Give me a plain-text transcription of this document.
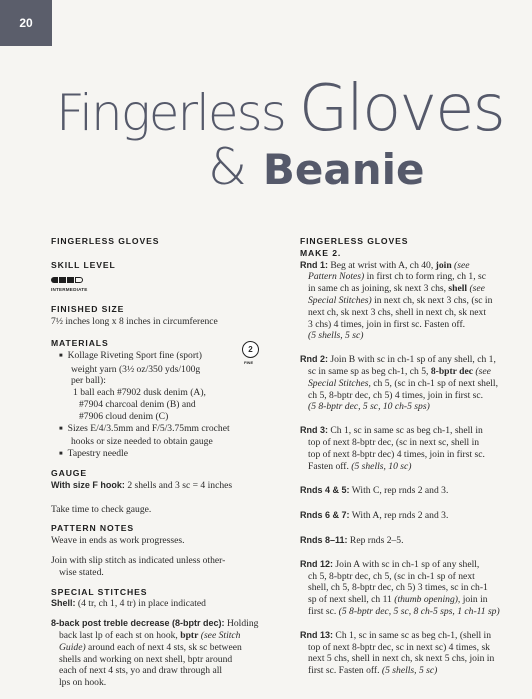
20
Fingerless Gloves
& Beanie
2
FINE
FINGERLESS GLOVES
SKILL LEVEL
INTERMEDIATE
FINISHED SIZE

7½ inches long x 8 inches in circumference

MATERIALS

■ Kollage Riveting Sport fine (sport)
weight yarn (3½ oz/350 yds/100g
per ball):

1 ball each #7902 dusk denim (A),
#7904 charcoal denim (B) and
#7906 cloud denim (C)

■ Sizes E/4/3.5mm and F/5/3.75mm crochet
hooks or size needed to obtain gauge

■ Tapestry needle

GAUGE

With size F hook: 2 shells and 3 sc = 4 inches

Take time to check gauge.

PATTERN NOTES

Weave in ends as work progresses.

Join with slip stitch as indicated unless other-
wise stated.

SPECIAL STITCHES

Shell: (4 tr, ch 1, 4 tr) in place indicated

8-back post treble decrease (8-bptr dec): Holding
back last lp of each st on hook, bptr (see Stitch
Guide) around each of next 4 sts, sk sc between
shells and working on next shell, bptr around
each of next 4 sts, yo and draw through all
lps on hook.

FINGERLESS GLOVES
MAKE 2.

Rnd 1: Beg at wrist with A, ch 40, join (see
Pattern Notes) in first ch to form ring, ch 1, sc
in same ch as joining, sk next 3 chs, shell (see
Special Stitches) in next ch, sk next 3 chs, (sc in
next ch, sk next 3 chs, shell in next ch, sk next
3 chs) 4 times, join in first sc. Fasten off.
(5 shells, 5 sc)

Rnd 2: Join B with sc in ch-1 sp of any shell, ch 1,
sc in same sp as beg ch-1, ch 5, 8-bptr dec (see
Special Stitches, ch 5, (sc in ch-1 sp of next shell,
ch 5, 8-bptr dec, ch 5) 4 times, join in first sc.
(5 8-bptr dec, 5 sc, 10 ch-5 sps)

Rnd 3: Ch 1, sc in same sc as beg ch-1, shell in
top of next 8-bptr dec, (sc in next sc, shell in
top of next 8-bptr dec) 4 times, join in first sc.
Fasten off. (5 shells, 10 sc)

Rnds 4 & 5: With C, rep rnds 2 and 3.

Rnds 6 & 7: With A, rep rnds 2 and 3.

Rnds 8–11: Rep rnds 2–5.

Rnd 12: Join A with sc in ch-1 sp of any shell,
ch 5, 8-bptr dec, ch 5, (sc in ch-1 sp of next
shell, ch 5, 8-bptr dec, ch 5) 3 times, sc in ch-1
sp of next shell, ch 11 (thumb opening), join in
first sc. (5 8-bptr dec, 5 sc, 8 ch-5 sps, 1 ch-11 sp)

Rnd 13: Ch 1, sc in same sc as beg ch-1, (shell in
top of next 8-bptr dec, sc in next sc) 4 times, sk
next 5 chs, shell in next ch, sk next 5 chs, join in
first sc. Fasten off. (5 shells, 5 sc)
